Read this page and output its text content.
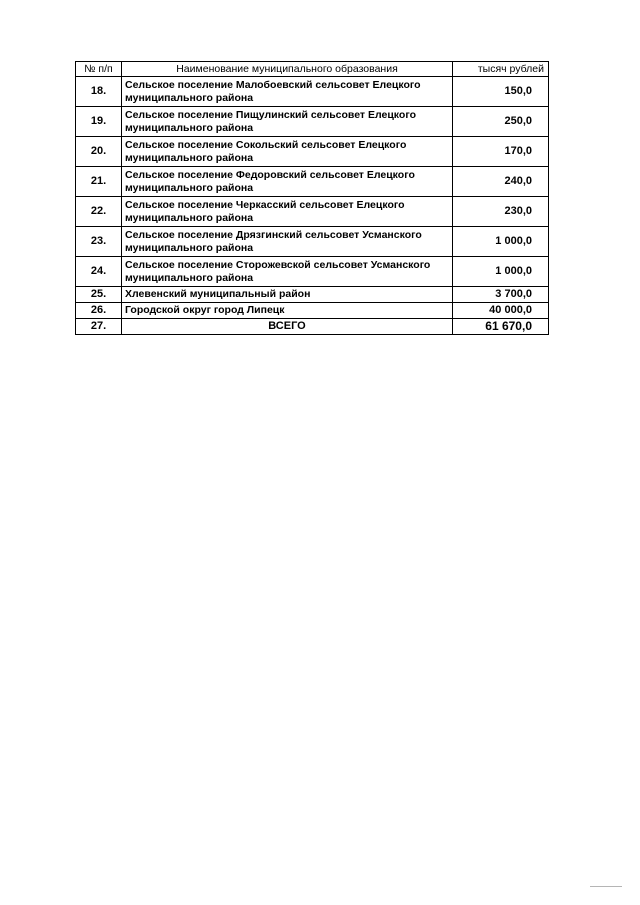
№ п/п	Наименование муниципального образования	тысяч рублей
18.	Сельское поселение Малобоевский сельсовет Елецкого муниципального района	150,0
19.	Сельское поселение Пищулинский сельсовет Елецкого муниципального района	250,0
20.	Сельское поселение Сокольский сельсовет Елецкого муниципального района	170,0
21.	Сельское поселение Федоровский сельсовет Елецкого муниципального района	240,0
22.	Сельское поселение Черкасский сельсовет Елецкого муниципального района	230,0
23.	Сельское поселение Дрязгинский сельсовет Усманского муниципального района	1 000,0
24.	Сельское поселение Сторожевской сельсовет Усманского муниципального района	1 000,0
25.	Хлевенский муниципальный район	3 700,0
26.	Городской округ город Липецк	40 000,0
27.	ВСЕГО	61 670,0
